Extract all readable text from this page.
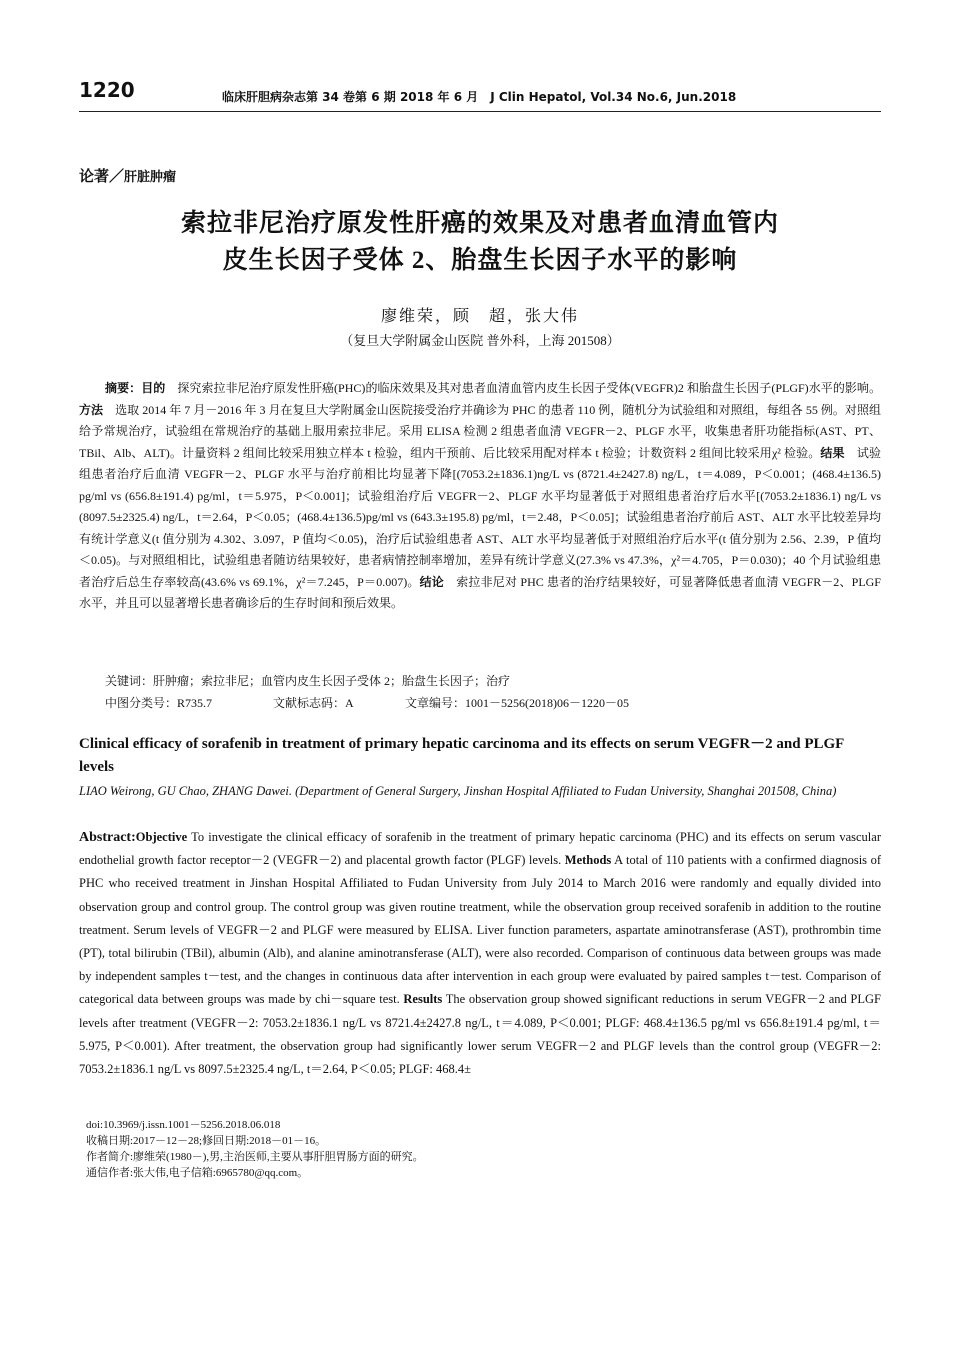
1220	临床肝胆病杂志第 34 卷第 6 期 2018 年 6 月　J Clin Hepatol, Vol.34 No.6, Jun.2018
论著／肝脏肿瘤
索拉非尼治疗原发性肝癌的效果及对患者血清血管内
皮生长因子受体 2、胎盘生长因子水平的影响
廖维荣，顾　超，张大伟
（复旦大学附属金山医院 普外科，上海 201508）
摘要：目的　探究索拉非尼治疗原发性肝癌(PHC)的临床效果及其对患者血清血管内皮生长因子受体(VEGFR)2 和胎盘生长因子(PLGF)水平的影响。方法　选取 2014 年 7 月－2016 年 3 月在复旦大学附属金山医院接受治疗并确诊为 PHC 的患者 110 例，随机分为试验组和对照组，每组各 55 例。对照组给予常规治疗，试验组在常规治疗的基础上服用索拉非尼。采用 ELISA 检测 2 组患者血清 VEGFR－2、PLGF 水平，收集患者肝功能指标(AST、PT、TBil、Alb、ALT)。计量资料 2 组间比较采用独立样本 t 检验，组内干预前、后比较采用配对样本 t 检验；计数资料 2 组间比较采用χ² 检验。结果　试验组患者治疗后血清 VEGFR－2、PLGF 水平与治疗前相比均显著下降[(7053.2±1836.1)ng/L vs (8721.4±2427.8) ng/L，t＝4.089，P＜0.001；(468.4±136.5) pg/ml vs (656.8±191.4) pg/ml，t＝5.975，P＜0.001]；试验组治疗后 VEGFR－2、PLGF 水平均显著低于对照组患者治疗后水平[(7053.2±1836.1) ng/L vs (8097.5±2325.4) ng/L，t＝2.64，P＜0.05；(468.4±136.5)pg/ml vs (643.3±195.8) pg/ml，t＝2.48，P＜0.05]；试验组患者治疗前后 AST、ALT 水平比较差异均有统计学意义(t 值分别为 4.302、3.097，P 值均＜0.05)，治疗后试验组患者 AST、ALT 水平均显著低于对照组治疗后水平(t 值分别为 2.56、2.39，P 值均＜0.05)。与对照组相比，试验组患者随访结果较好，患者病情控制率增加，差异有统计学意义(27.3% vs 47.3%，χ²＝4.705，P＝0.030)；40 个月试验组患者治疗后总生存率较高(43.6% vs 69.1%，χ²＝7.245，P＝0.007)。结论　索拉非尼对 PHC 患者的治疗结果较好，可显著降低患者血清 VEGFR－2、PLGF 水平，并且可以显著增长患者确诊后的生存时间和预后效果。
关键词：肝肿瘤；索拉非尼；血管内皮生长因子受体 2；胎盘生长因子；治疗
中图分类号：R735.7	文献标志码：A	文章编号：1001－5256(2018)06－1220－05
Clinical efficacy of sorafenib in treatment of primary hepatic carcinoma and its effects on serum VEGFR－2 and PLGF levels
LIAO Weirong, GU Chao, ZHANG Dawei. (Department of General Surgery, Jinshan Hospital Affiliated to Fudan University, Shanghai 201508, China)
Abstract:Objective To investigate the clinical efficacy of sorafenib in the treatment of primary hepatic carcinoma (PHC) and its effects on serum vascular endothelial growth factor receptor－2 (VEGFR－2) and placental growth factor (PLGF) levels. Methods A total of 110 patients with a confirmed diagnosis of PHC who received treatment in Jinshan Hospital Affiliated to Fudan University from July 2014 to March 2016 were randomly and equally divided into observation group and control group. The control group was given routine treatment, while the observation group received sorafenib in addition to the routine treatment. Serum levels of VEGFR－2 and PLGF were measured by ELISA. Liver function parameters, aspartate aminotransferase (AST), prothrombin time (PT), total bilirubin (TBil), albumin (Alb), and alanine aminotransferase (ALT), were also recorded. Comparison of continuous data between groups was made by independent samples t－test, and the changes in continuous data after intervention in each group were evaluated by paired samples t－test. Comparison of categorical data between groups was made by chi－square test. Results The observation group showed significant reductions in serum VEGFR－2 and PLGF levels after treatment (VEGFR－2: 7053.2±1836.1 ng/L vs 8721.4±2427.8 ng/L, t＝4.089, P＜0.001; PLGF: 468.4±136.5 pg/ml vs 656.8±191.4 pg/ml, t＝5.975, P＜0.001). After treatment, the observation group had significantly lower serum VEGFR－2 and PLGF levels than the control group (VEGFR－2: 7053.2±1836.1 ng/L vs 8097.5±2325.4 ng/L, t＝2.64, P＜0.05; PLGF: 468.4±
doi:10.3969/j.issn.1001－5256.2018.06.018
收稿日期:2017－12－28;修回日期:2018－01－16。
作者简介:廖维荣(1980－),男,主治医师,主要从事肝胆胃肠方面的研究。
通信作者:张大伟,电子信箱:6965780@qq.com。
